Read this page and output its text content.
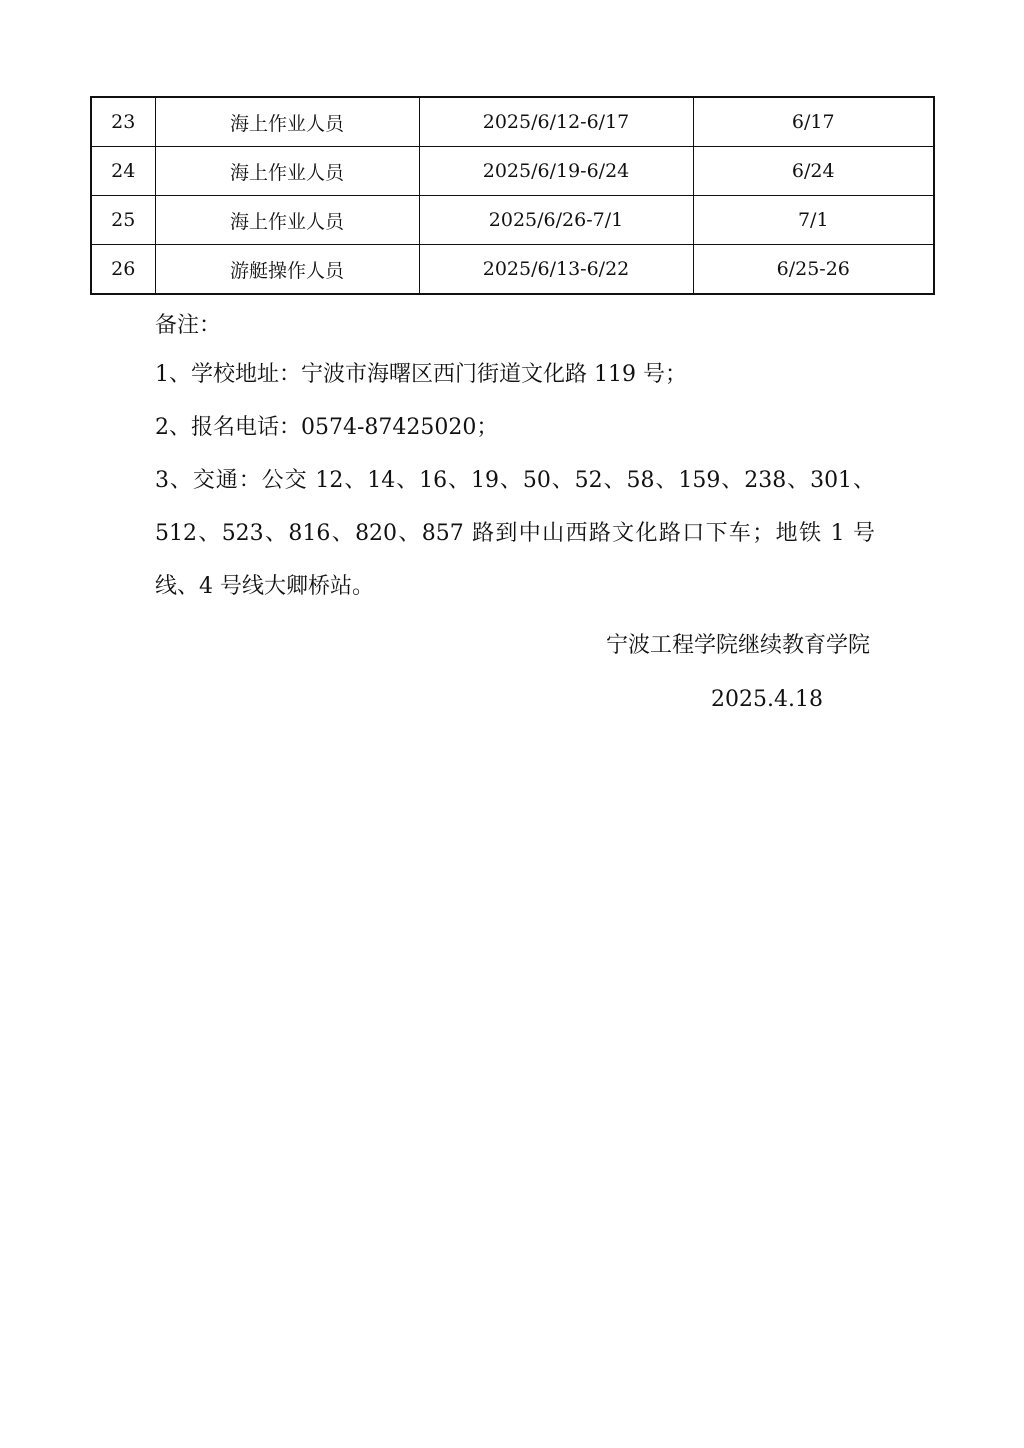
23	海上作业人员	2025/6/12-6/17	6/17
24	海上作业人员	2025/6/19-6/24	6/24
25	海上作业人员	2025/6/26-7/1	7/1
26	游艇操作人员	2025/6/13-6/22	6/25-26
备注：

1、学校地址：宁波市海曙区西门街道文化路 119 号；

2、报名电话：0574-87425020；

3、交通：公交 12、14、16、19、50、52、58、159、238、301、512、523、816、820、857 路到中山西路文化路口下车；地铁 1 号线、4 号线大卿桥站。

宁波工程学院继续教育学院
2025.4.18
